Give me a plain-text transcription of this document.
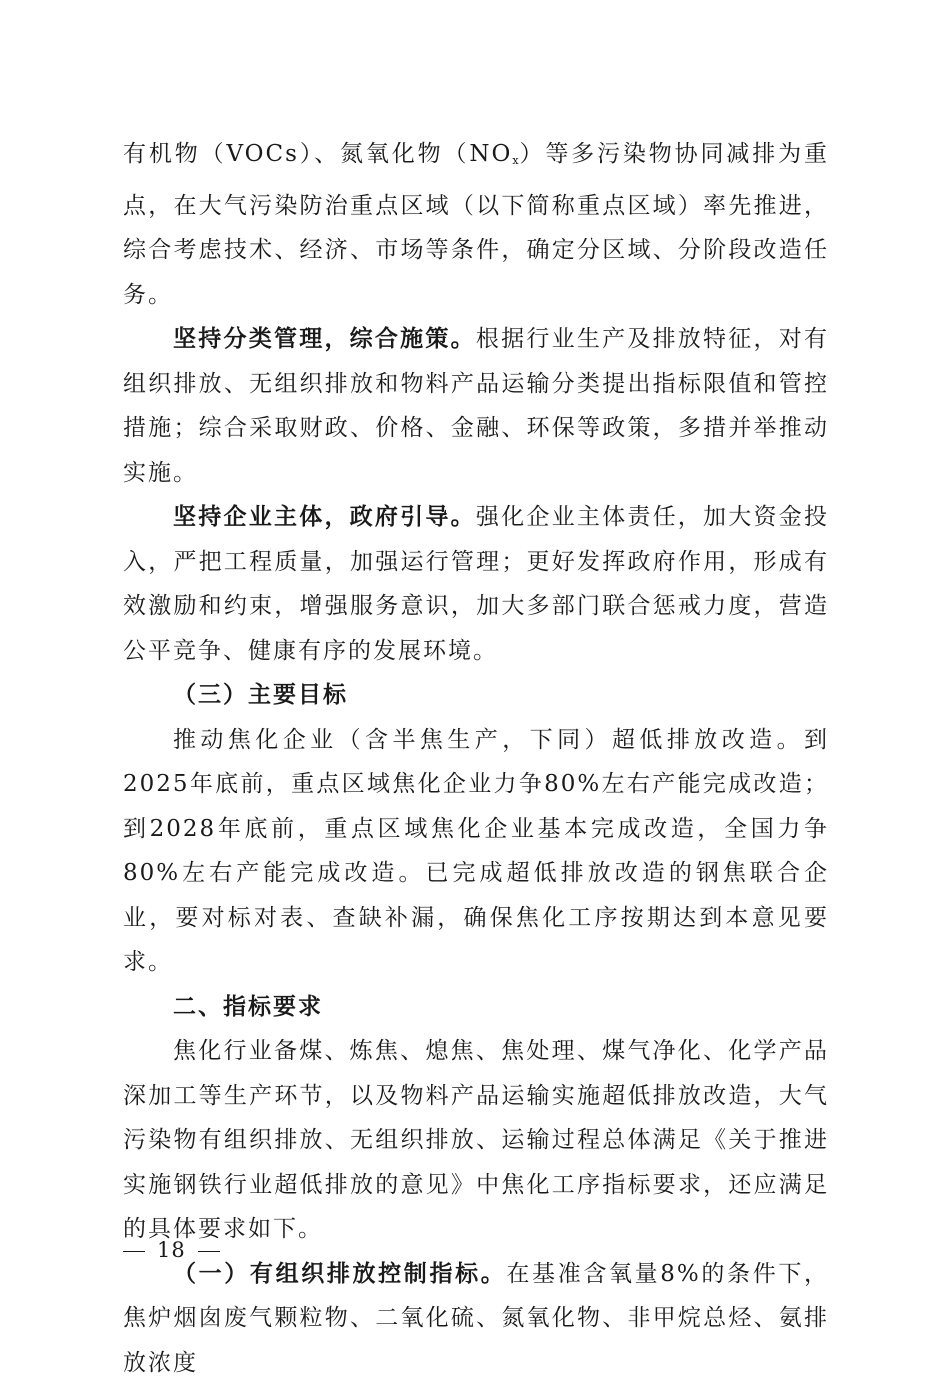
有机物（VOCs）、氮氧化物$(NO_x)$等多污染物协同减排为重点，在大气污染防治重点区域（以下简称重点区域）率先推进，综合考虑技术、经济、市场等条件，确定分区域、分阶段改造任务。

坚持分类管理，综合施策。根据行业生产及排放特征，对有组织排放、无组织排放和物料产品运输分类提出指标限值和管控措施；综合采取财政、价格、金融、环保等政策，多措并举推动实施。

坚持企业主体，政府引导。强化企业主体责任，加大资金投入，严把工程质量，加强运行管理；更好发挥政府作用，形成有效激励和约束，增强服务意识，加大多部门联合惩戒力度，营造公平竞争、健康有序的发展环境。

（三）主要目标

推动焦化企业（含半焦生产，下同）超低排放改造。到2025年底前，重点区域焦化企业力争80%左右产能完成改造；到2028年底前，重点区域焦化企业基本完成改造，全国力争80%左右产能完成改造。已完成超低排放改造的钢焦联合企业，要对标对表、查缺补漏，确保焦化工序按期达到本意见要求。

二、指标要求

焦化行业备煤、炼焦、熄焦、焦处理、煤气净化、化学产品深加工等生产环节，以及物料产品运输实施超低排放改造，大气污染物有组织排放、无组织排放、运输过程总体满足《关于推进实施钢铁行业超低排放的意见》中焦化工序指标要求，还应满足的具体要求如下。

（一）有组织排放控制指标。在基准含氧量8%的条件下，焦炉烟囱废气颗粒物、二氧化硫、氮氧化物、非甲烷总烃、氨排放浓度

18
